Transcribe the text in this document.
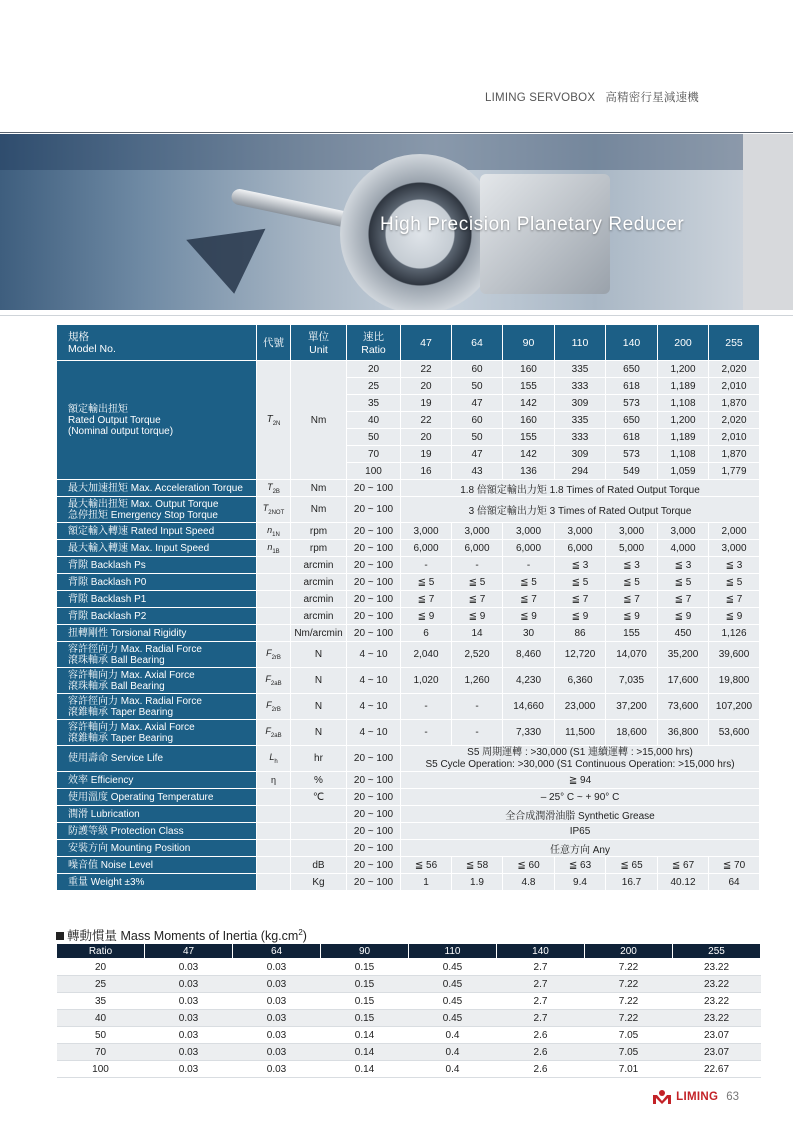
LIMING SERVOBOX 高精密行星減速機
High Precision Planetary Reducer
規格
Model No.	代號	單位
Unit	速比
Ratio	47	64	90	110	140	200	255
額定輸出扭矩
Rated Output Torque
(Nominal output torque)	$T_{2N}$	Nm	20	22	60	160	335	650	1,200	2,020
			25	20	50	155	333	618	1,189	2,010
			35	19	47	142	309	573	1,108	1,870
			40	22	60	160	335	650	1,200	2,020
			50	20	50	155	333	618	1,189	2,010
			70	19	47	142	309	573	1,108	1,870
			100	16	43	136	294	549	1,059	1,779
最大加速扭矩 Max. Acceleration Torque	$T_{2B}$	Nm	20 ~ 100	1.8 倍額定輸出力矩 1.8 Times of Rated Output Torque						
最大輸出扭矩 Max. Output Torque
急停扭矩 Emergency Stop Torque	$T_{2NOT}$	Nm	20 ~ 100	3 倍額定輸出力矩 3 Times of Rated Output Torque						
額定輸入轉速 Rated Input Speed	$n_{1N}$	rpm	20 ~ 100	3,000	3,000	3,000	3,000	3,000	3,000	2,000
最大輸入轉速 Max. Input Speed	$n_{1B}$	rpm	20 ~ 100	6,000	6,000	6,000	6,000	5,000	4,000	3,000
背隙 Backlash Ps		arcmin	20 ~ 100	-	-	-	≦ 3	≦ 3	≦ 3	≦ 3
背隙 Backlash P0		arcmin	20 ~ 100	≦ 5	≦ 5	≦ 5	≦ 5	≦ 5	≦ 5	≦ 5
背隙 Backlash P1		arcmin	20 ~ 100	≦ 7	≦ 7	≦ 7	≦ 7	≦ 7	≦ 7	≦ 7
背隙 Backlash P2		arcmin	20 ~ 100	≦ 9	≦ 9	≦ 9	≦ 9	≦ 9	≦ 9	≦ 9
扭轉剛性 Torsional Rigidity		Nm/arcmin	20 ~ 100	6	14	30	86	155	450	1,126
容許徑向力 Max. Radial Force
滾珠軸承 Ball Bearing	$F_{2rB}$	N	4 ~ 10	2,040	2,520	8,460	12,720	14,070	35,200	39,600
容許軸向力 Max. Axial Force
滾珠軸承 Ball Bearing	$F_{2aB}$	N	4 ~ 10	1,020	1,260	4,230	6,360	7,035	17,600	19,800
容許徑向力 Max. Radial Force
滾錐軸承 Taper Bearing	$F_{2rB}$	N	4 ~ 10	-	-	14,660	23,000	37,200	73,600	107,200
容許軸向力 Max. Axial Force
滾錐軸承 Taper Bearing	$F_{2aB}$	N	4 ~ 10	-	-	7,330	11,500	18,600	36,800	53,600
使用壽命 Service Life	$L_h$	hr	20 ~ 100	S5 周期運轉 : >30,000 (S1 連續運轉 : >15,000 hrs)
S5 Cycle Operation: >30,000 (S1 Continuous Operation: >15,000 hrs)						
效率 Efficiency	η	%	20 ~ 100	≧ 94						
使用溫度 Operating Temperature		℃	20 ~ 100	– 25° C ~ + 90° C						
潤滑 Lubrication			20 ~ 100	全合成潤滑油脂 Synthetic Grease						
防護等級 Protection Class			20 ~ 100	IP65						
安裝方向 Mounting Position			20 ~ 100	任意方向 Any						
噪音值 Noise Level		dB	20 ~ 100	≦ 56	≦ 58	≦ 60	≦ 63	≦ 65	≦ 67	≦ 70
重量 Weight ±3%		Kg	20 ~ 100	1	1.9	4.8	9.4	16.7	40.12	64
轉動慣量 Mass Moments of Inertia $(kg.cm^2)$
Ratio	47	64	90	110	140	200	255
20	0.03	0.03	0.15	0.45	2.7	7.22	23.22
25	0.03	0.03	0.15	0.45	2.7	7.22	23.22
35	0.03	0.03	0.15	0.45	2.7	7.22	23.22
40	0.03	0.03	0.15	0.45	2.7	7.22	23.22
50	0.03	0.03	0.14	0.4	2.6	7.05	23.07
70	0.03	0.03	0.14	0.4	2.6	7.05	23.07
100	0.03	0.03	0.14	0.4	2.6	7.01	22.67
LIMING 63
